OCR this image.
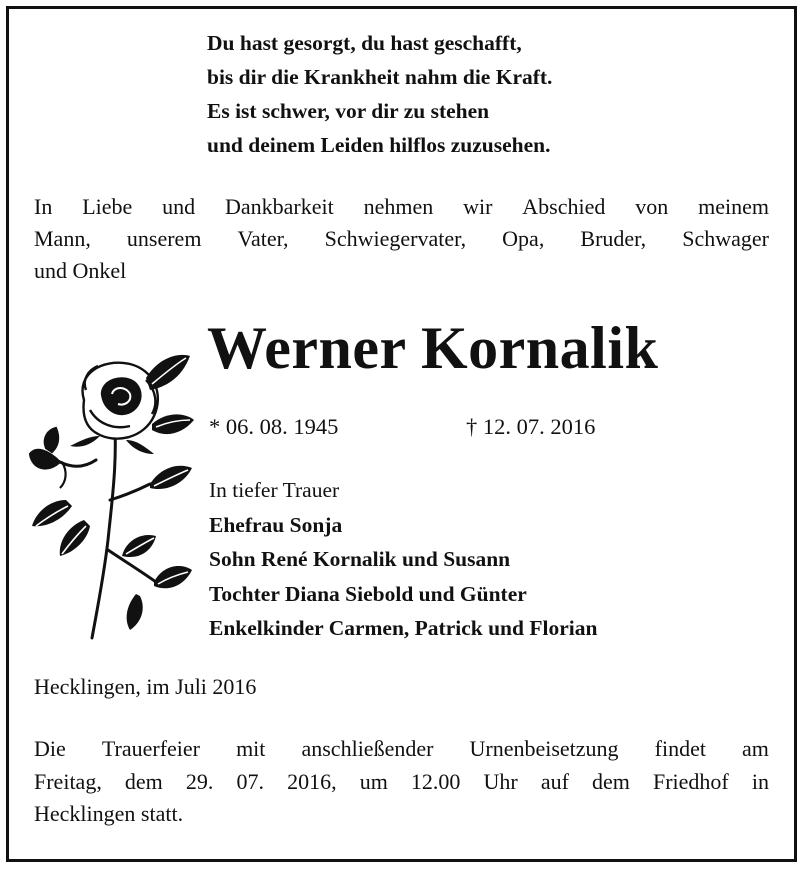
Du hast gesorgt, du hast geschafft,
bis dir die Krankheit nahm die Kraft.
Es ist schwer, vor dir zu stehen
und deinem Leiden hilflos zuzusehen.
In Liebe und Dankbarkeit nehmen wir Abschied von meinem
Mann, unserem Vater, Schwiegervater, Opa, Bruder, Schwager
und Onkel
Werner Kornalik
* 06. 08. 1945	† 12. 07. 2016
In tiefer Trauer
Ehefrau Sonja
Sohn René Kornalik und Susann
Tochter Diana Siebold und Günter
Enkelkinder Carmen, Patrick und Florian
Hecklingen, im Juli 2016
Die Trauerfeier mit anschließender Urnenbeisetzung findet am
Freitag, dem 29. 07. 2016, um 12.00 Uhr auf dem Friedhof in
Hecklingen statt.
